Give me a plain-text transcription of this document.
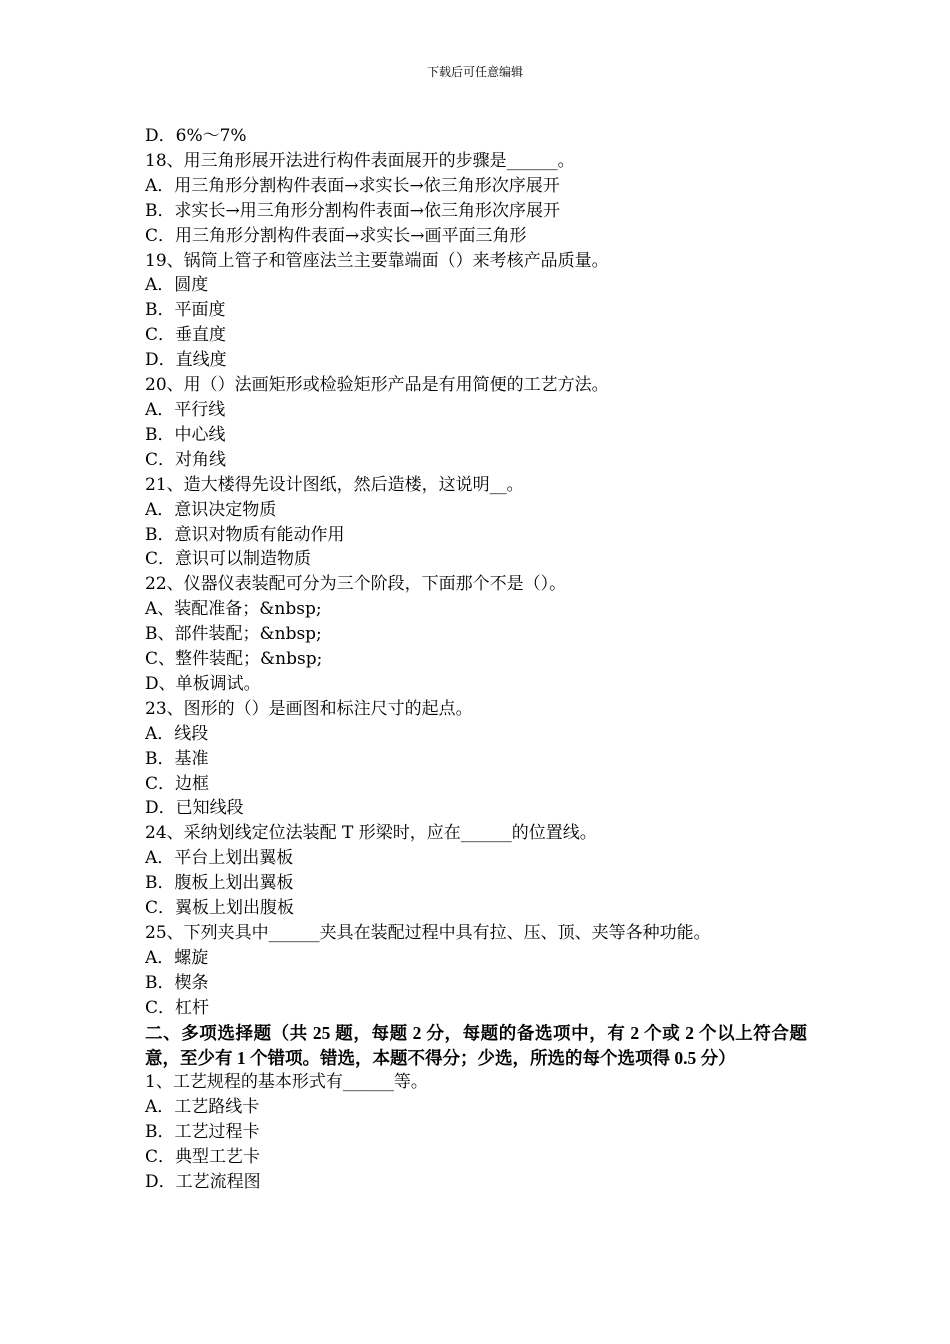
下载后可任意编辑
D．6%～7%
18、用三角形展开法进行构件表面展开的步骤是______。
A．用三角形分割构件表面→求实长→依三角形次序展开
B．求实长→用三角形分割构件表面→依三角形次序展开
C．用三角形分割构件表面→求实长→画平面三角形
19、锅筒上管子和管座法兰主要靠端面（）来考核产品质量。
A．圆度
B．平面度
C．垂直度
D．直线度
20、用（）法画矩形或检验矩形产品是有用简便的工艺方法。
A．平行线
B．中心线
C．对角线
21、造大楼得先设计图纸，然后造楼，这说明__。
A．意识决定物质
B．意识对物质有能动作用
C．意识可以制造物质
22、仪器仪表装配可分为三个阶段，下面那个不是（）。
A、装配准备；&nbsp;
B、部件装配；&nbsp;
C、整件装配；&nbsp;
D、单板调试。
23、图形的（）是画图和标注尺寸的起点。
A．线段
B．基准
C．边框
D．已知线段
24、采纳划线定位法装配 T 形梁时，应在______的位置线。
A．平台上划出翼板
B．腹板上划出翼板
C．翼板上划出腹板
25、下列夹具中______夹具在装配过程中具有拉、压、顶、夹等各种功能。
A．螺旋
B．楔条
C．杠杆
二、多项选择题（共 25 题，每题 2 分，每题的备选项中，有 2 个或 2 个以上符合题意，至少有 1 个错项。错选，本题不得分；少选，所选的每个选项得 0.5 分）
1、工艺规程的基本形式有______等。
A．工艺路线卡
B．工艺过程卡
C．典型工艺卡
D．工艺流程图
